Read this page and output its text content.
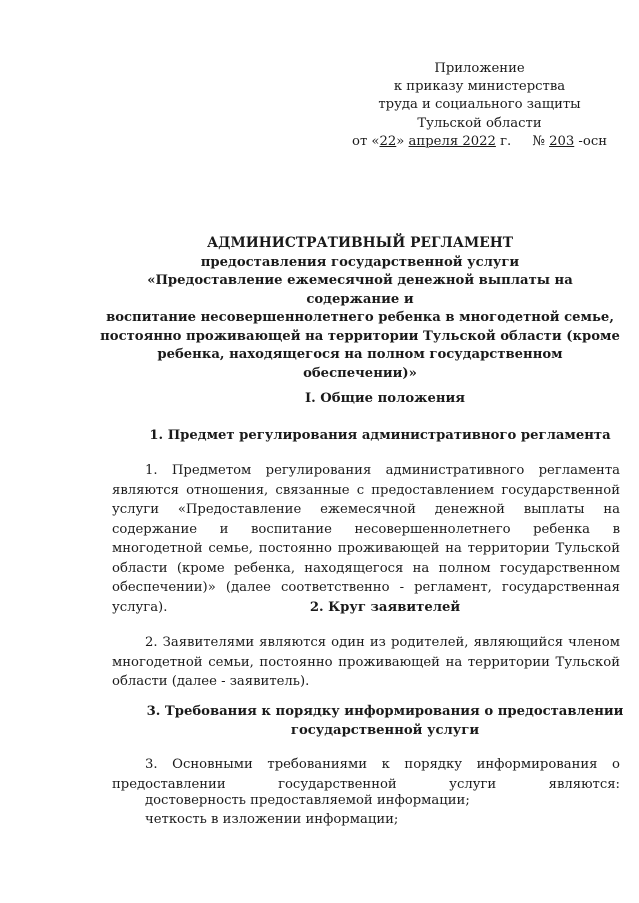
Приложение
к приказу министерства
труда и социального защиты
Тульской области
от «22» апреля 2022 г. № 203 -осн
АДМИНИСТРАТИВНЫЙ РЕГЛАМЕНТ
предоставления государственной услуги
«Предоставление ежемесячной денежной выплаты на содержание и
воспитание несовершеннолетнего ребенка в многодетной семье,
постоянно проживающей на территории Тульской области (кроме
ребенка, находящегося на полном государственном обеспечении)»
I. Общие положения
1. Предмет регулирования административного регламента
1. Предметом регулирования административного регламента являются отношения, связанные с предоставлением государственной услуги «Предоставление ежемесячной денежной выплаты на содержание и воспитание несовершеннолетнего ребенка в многодетной семье, постоянно проживающей на территории Тульской области (кроме ребенка, находящегося на полном государственном обеспечении)» (далее соответственно - регламент, государственная услуга).	2. Круг заявителей
2. Заявителями являются один из родителей, являющийся членом многодетной семьи, постоянно проживающей на территории Тульской области (далее - заявитель).
3. Требования к порядку информирования о предоставлении
государственной услуги
3. Основными требованиями к порядку информирования о предоставлении государственной услуги являются:
достоверность предоставляемой информации;
четкость в изложении информации;
